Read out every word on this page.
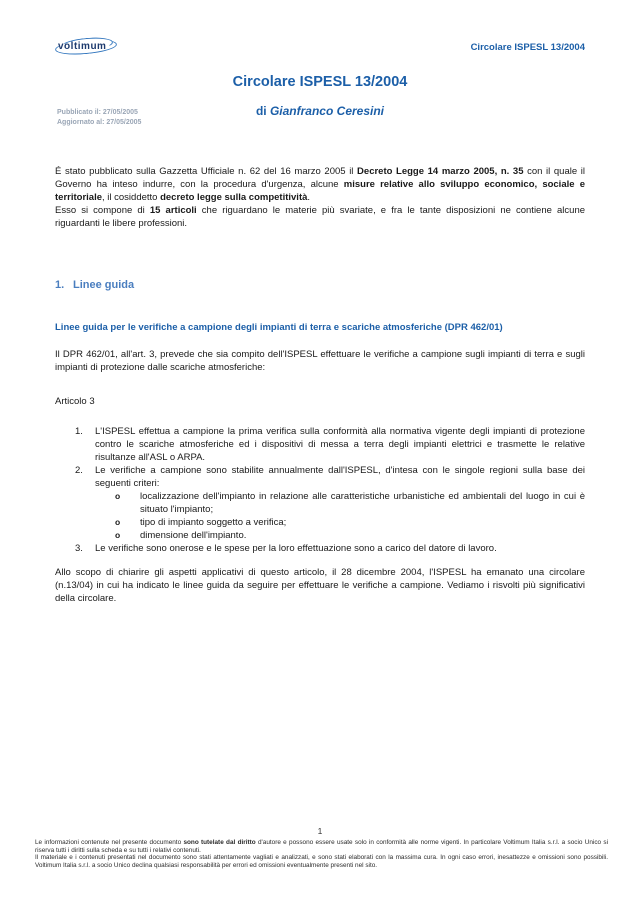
voltimum	Circolare ISPESL 13/2004
Circolare ISPESL 13/2004
di Gianfranco Ceresini
Pubblicato il: 27/05/2005
Aggiornato al: 27/05/2005
É stato pubblicato sulla Gazzetta Ufficiale n. 62 del 16 marzo 2005 il Decreto Legge 14 marzo 2005, n. 35 con il quale il Governo ha inteso indurre, con la procedura d'urgenza, alcune misure relative allo sviluppo economico, sociale e territoriale, il cosiddetto decreto legge sulla competitività.
Esso si compone di 15 articoli che riguardano le materie più svariate, e fra le tante disposizioni ne contiene alcune riguardanti le libere professioni.
1. Linee guida
Linee guida per le verifiche a campione degli impianti di terra e scariche atmosferiche (DPR 462/01)
Il DPR 462/01, all'art. 3, prevede che sia compito dell'ISPESL effettuare le verifiche a campione sugli impianti di terra e sugli impianti di protezione dalle scariche atmosferiche:
Articolo 3
1.	L'ISPESL effettua a campione la prima verifica sulla conformità alla normativa vigente degli impianti di protezione contro le scariche atmosferiche ed i dispositivi di messa a terra degli impianti elettrici e trasmette le relative risultanze all'ASL o ARPA.
2.	Le verifiche a campione sono stabilite annualmente dall'ISPESL, d'intesa con le singole regioni sulla base dei seguenti criteri:
o	localizzazione dell'impianto in relazione alle caratteristiche urbanistiche ed ambientali del luogo in cui è situato l'impianto;
o	tipo di impianto soggetto a verifica;
o	dimensione dell'impianto.
3.	Le verifiche sono onerose e le spese per la loro effettuazione sono a carico del datore di lavoro.
Allo scopo di chiarire gli aspetti applicativi di questo articolo, il 28 dicembre 2004, l'ISPESL ha emanato una circolare (n.13/04) in cui ha indicato le linee guida da seguire per effettuare le verifiche a campione. Vediamo i risvolti più significativi della circolare.
1

Le informazioni contenute nel presente documento sono tutelate dal diritto d'autore e possono essere usate solo in conformità alle norme vigenti. In particolare Voltimum Italia s.r.l. a socio Unico si riserva tutti i diritti sulla scheda e su tutti i relativi contenuti.

Il materiale e i contenuti presentati nel documento sono stati attentamente vagliati e analizzati, e sono stati elaborati con la massima cura. In ogni caso errori, inesattezze e omissioni sono possibili. Voltimum Italia s.r.l. a socio Unico declina qualsiasi responsabilità per errori ed omissioni eventualmente presenti nel sito.
